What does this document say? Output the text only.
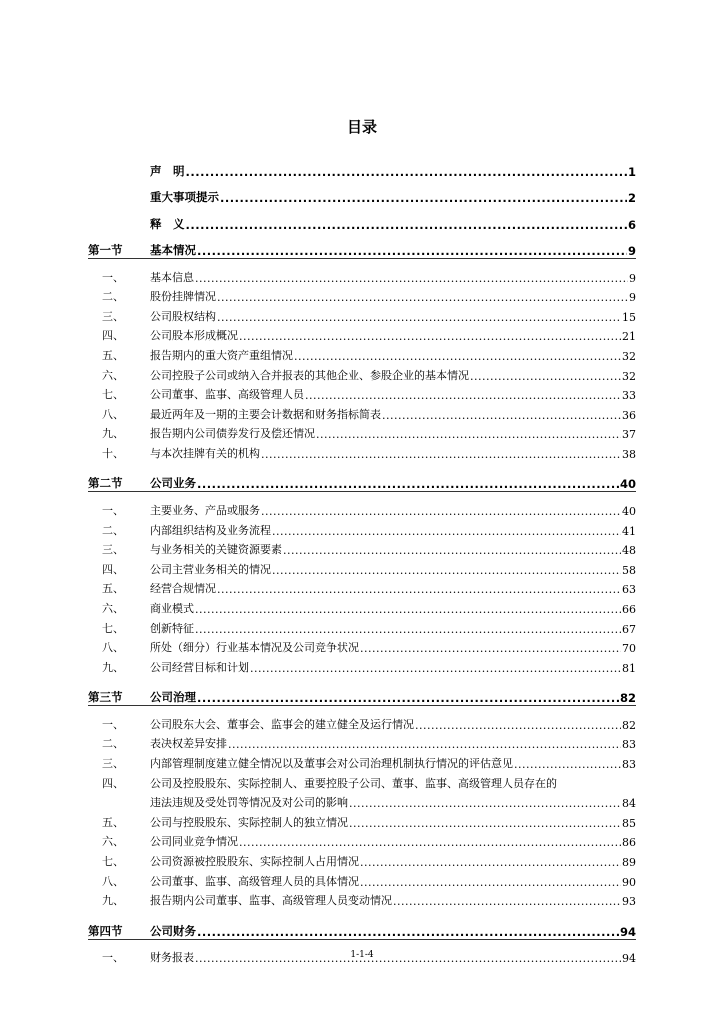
目录
声　明 .....	1
重大事项提示 .....	2
释　义 .....	6
第一节	基本情况 .....	9
一、	基本信息 .....	9
二、	股份挂牌情况 .....	9
三、	公司股权结构 .....	15
四、	公司股本形成概况 .....	21
五、	报告期内的重大资产重组情况 .....	32
六、	公司控股子公司或纳入合并报表的其他企业、参股企业的基本情况 .....	32
七、	公司董事、监事、高级管理人员 .....	33
八、	最近两年及一期的主要会计数据和财务指标简表 .....	36
九、	报告期内公司债券发行及偿还情况 .....	37
十、	与本次挂牌有关的机构 .....	38
第二节	公司业务 .....	40
一、	主要业务、产品或服务 .....	40
二、	内部组织结构及业务流程 .....	41
三、	与业务相关的关键资源要素 .....	48
四、	公司主营业务相关的情况 .....	58
五、	经营合规情况 .....	63
六、	商业模式 .....	66
七、	创新特征 .....	67
八、	所处（细分）行业基本情况及公司竞争状况 .....	70
九、	公司经营目标和计划 .....	81
第三节	公司治理 .....	82
一、	公司股东大会、董事会、监事会的建立健全及运行情况 .....	82
二、	表决权差异安排 .....	83
三、	内部管理制度建立健全情况以及董事会对公司治理机制执行情况的评估意见 .....	83
四、	公司及控股股东、实际控制人、重要控股子公司、董事、监事、高级管理人员存在的
违法违规及受处罚等情况及对公司的影响 .....	84
五、	公司与控股股东、实际控制人的独立情况 .....	85
六、	公司同业竞争情况 .....	86
七、	公司资源被控股股东、实际控制人占用情况 .....	89
八、	公司董事、监事、高级管理人员的具体情况 .....	90
九、	报告期内公司董事、监事、高级管理人员变动情况 .....	93
第四节	公司财务 .....	94
一、	财务报表 .....	94
1-1-4
